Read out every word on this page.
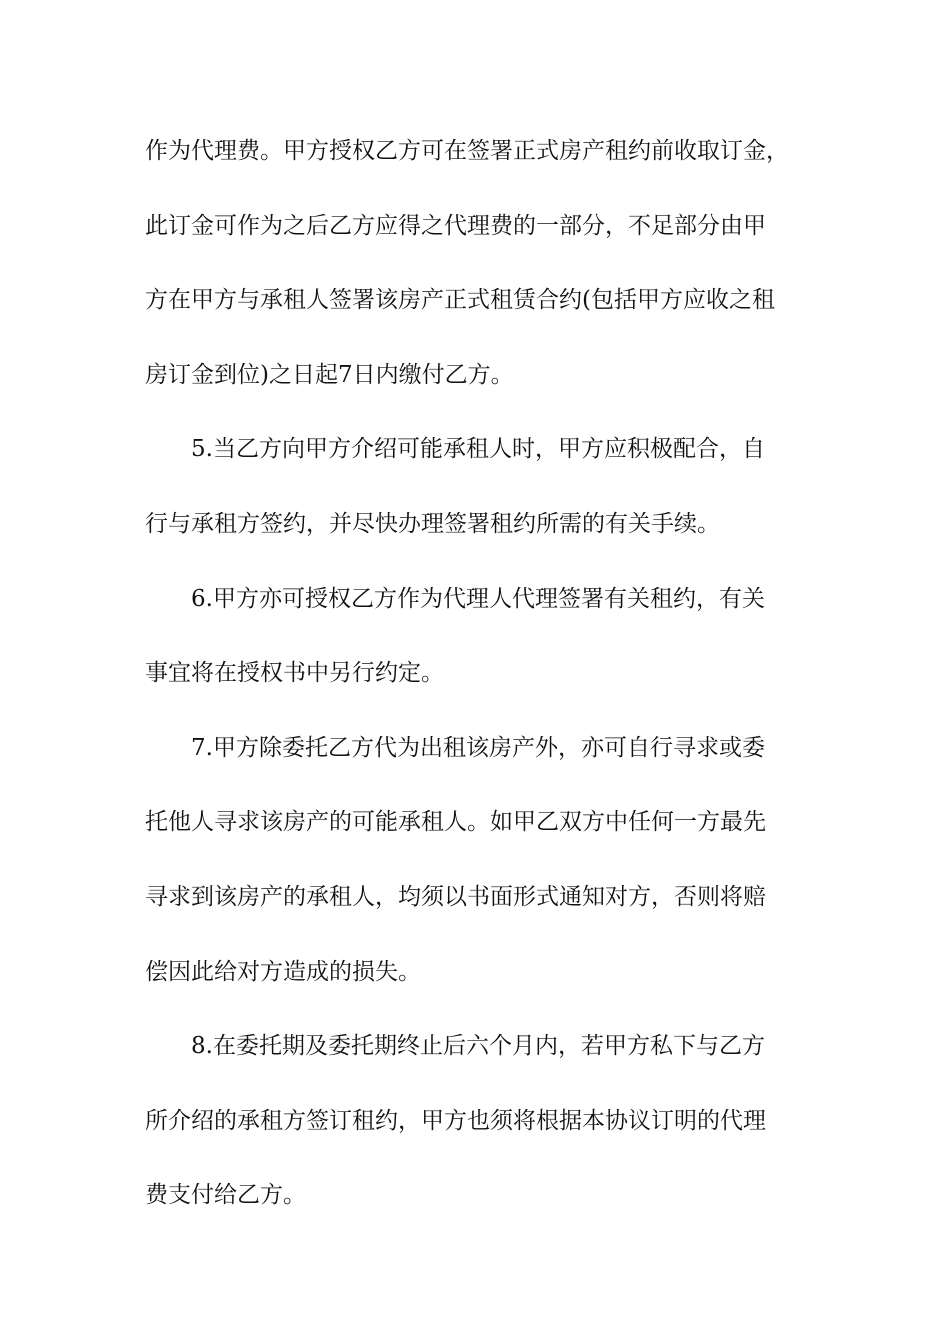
作为代理费。甲方授权乙方可在签署正式房产租约前收取订金，
此订金可作为之后乙方应得之代理费的一部分，不足部分由甲
方在甲方与承租人签署该房产正式租赁合约(包括甲方应收之租
房订金到位)之日起7日内缴付乙方。
5.当乙方向甲方介绍可能承租人时，甲方应积极配合，自
行与承租方签约，并尽快办理签署租约所需的有关手续。
6.甲方亦可授权乙方作为代理人代理签署有关租约，有关
事宜将在授权书中另行约定。
7.甲方除委托乙方代为出租该房产外，亦可自行寻求或委
托他人寻求该房产的可能承租人。如甲乙双方中任何一方最先
寻求到该房产的承租人，均须以书面形式通知对方，否则将赔
偿因此给对方造成的损失。
8.在委托期及委托期终止后六个月内，若甲方私下与乙方
所介绍的承租方签订租约，甲方也须将根据本协议订明的代理
费支付给乙方。
